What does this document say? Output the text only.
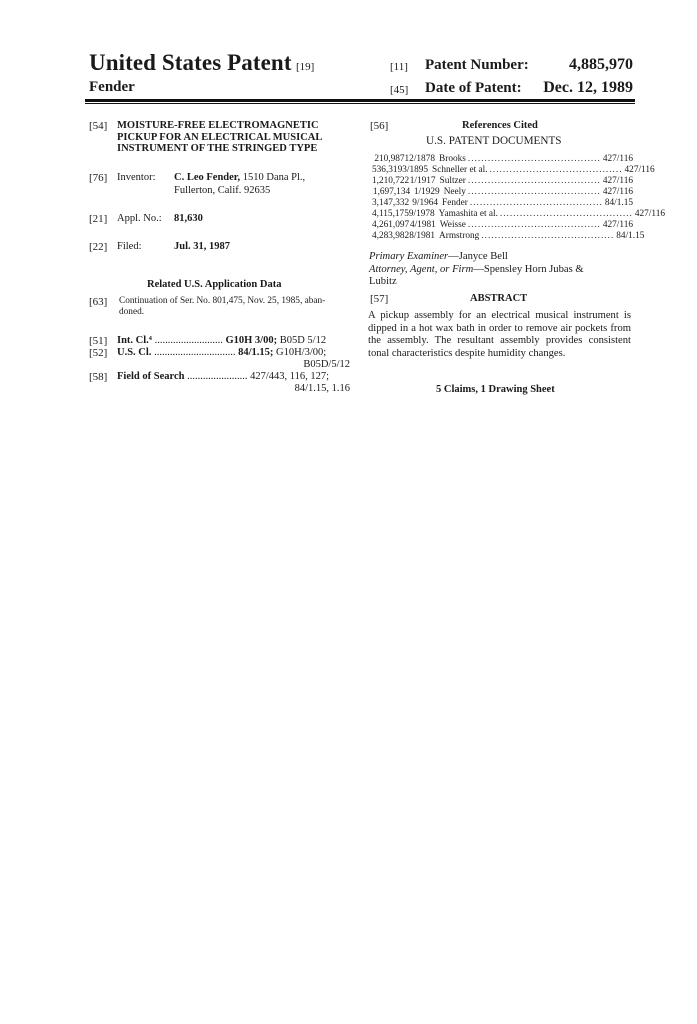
United States Patent [19]
Fender
[11] Patent Number:	4,885,970
[45] Date of Patent: Dec. 12, 1989
[54] MOISTURE-FREE ELECTROMAGNETIC
PICKUP FOR AN ELECTRICAL MUSICAL
INSTRUMENT OF THE STRINGED TYPE
[76] Inventor: C. Leo Fender, 1510 Dana Pl.,
Fullerton, Calif. 92635
[21] Appl. No.: 81,630
[22] Filed:	Jul. 31, 1987
Related U.S. Application Data
[63] Continuation of Ser. No. 801,475, Nov. 25, 1985, aban-
doned.
[51] Int. Cl.⁴ .......................... G10H 3/00; B05D 5/12
[52] U.S. Cl. ............................... 84/1.15; G10H/3/00;
B05D/5/12
[58] Field of Search ....................... 427/443, 116, 127;
84/1.15, 1.16
[56]	References Cited
U.S. PATENT DOCUMENTS
210,987 12/1878 Brooks ........................................ 427/116
536,319 3/1895 Schneller et al. ........................................ 427/116
1,210,722 1/1917 Sultzer ........................................ 427/116
1,697,134 1/1929 Neely ........................................ 427/116
3,147,332 9/1964 Fender ........................................ 84/1.15
4,115,175 9/1978 Yamashita et al. ........................................ 427/116
4,261,097 4/1981 Weisse ........................................ 427/116
4,283,982 8/1981 Armstrong ........................................ 84/1.15
Primary Examiner—Janyce Bell
Attorney, Agent, or Firm—Spensley Horn Jubas &
Lubitz
[57]	ABSTRACT

A pickup assembly for an electrical musical instrument is dipped in a hot wax bath in order to remove air pockets from the assembly. The resultant assembly provides consistent tonal characteristics despite humidity changes.

5 Claims, 1 Drawing Sheet
